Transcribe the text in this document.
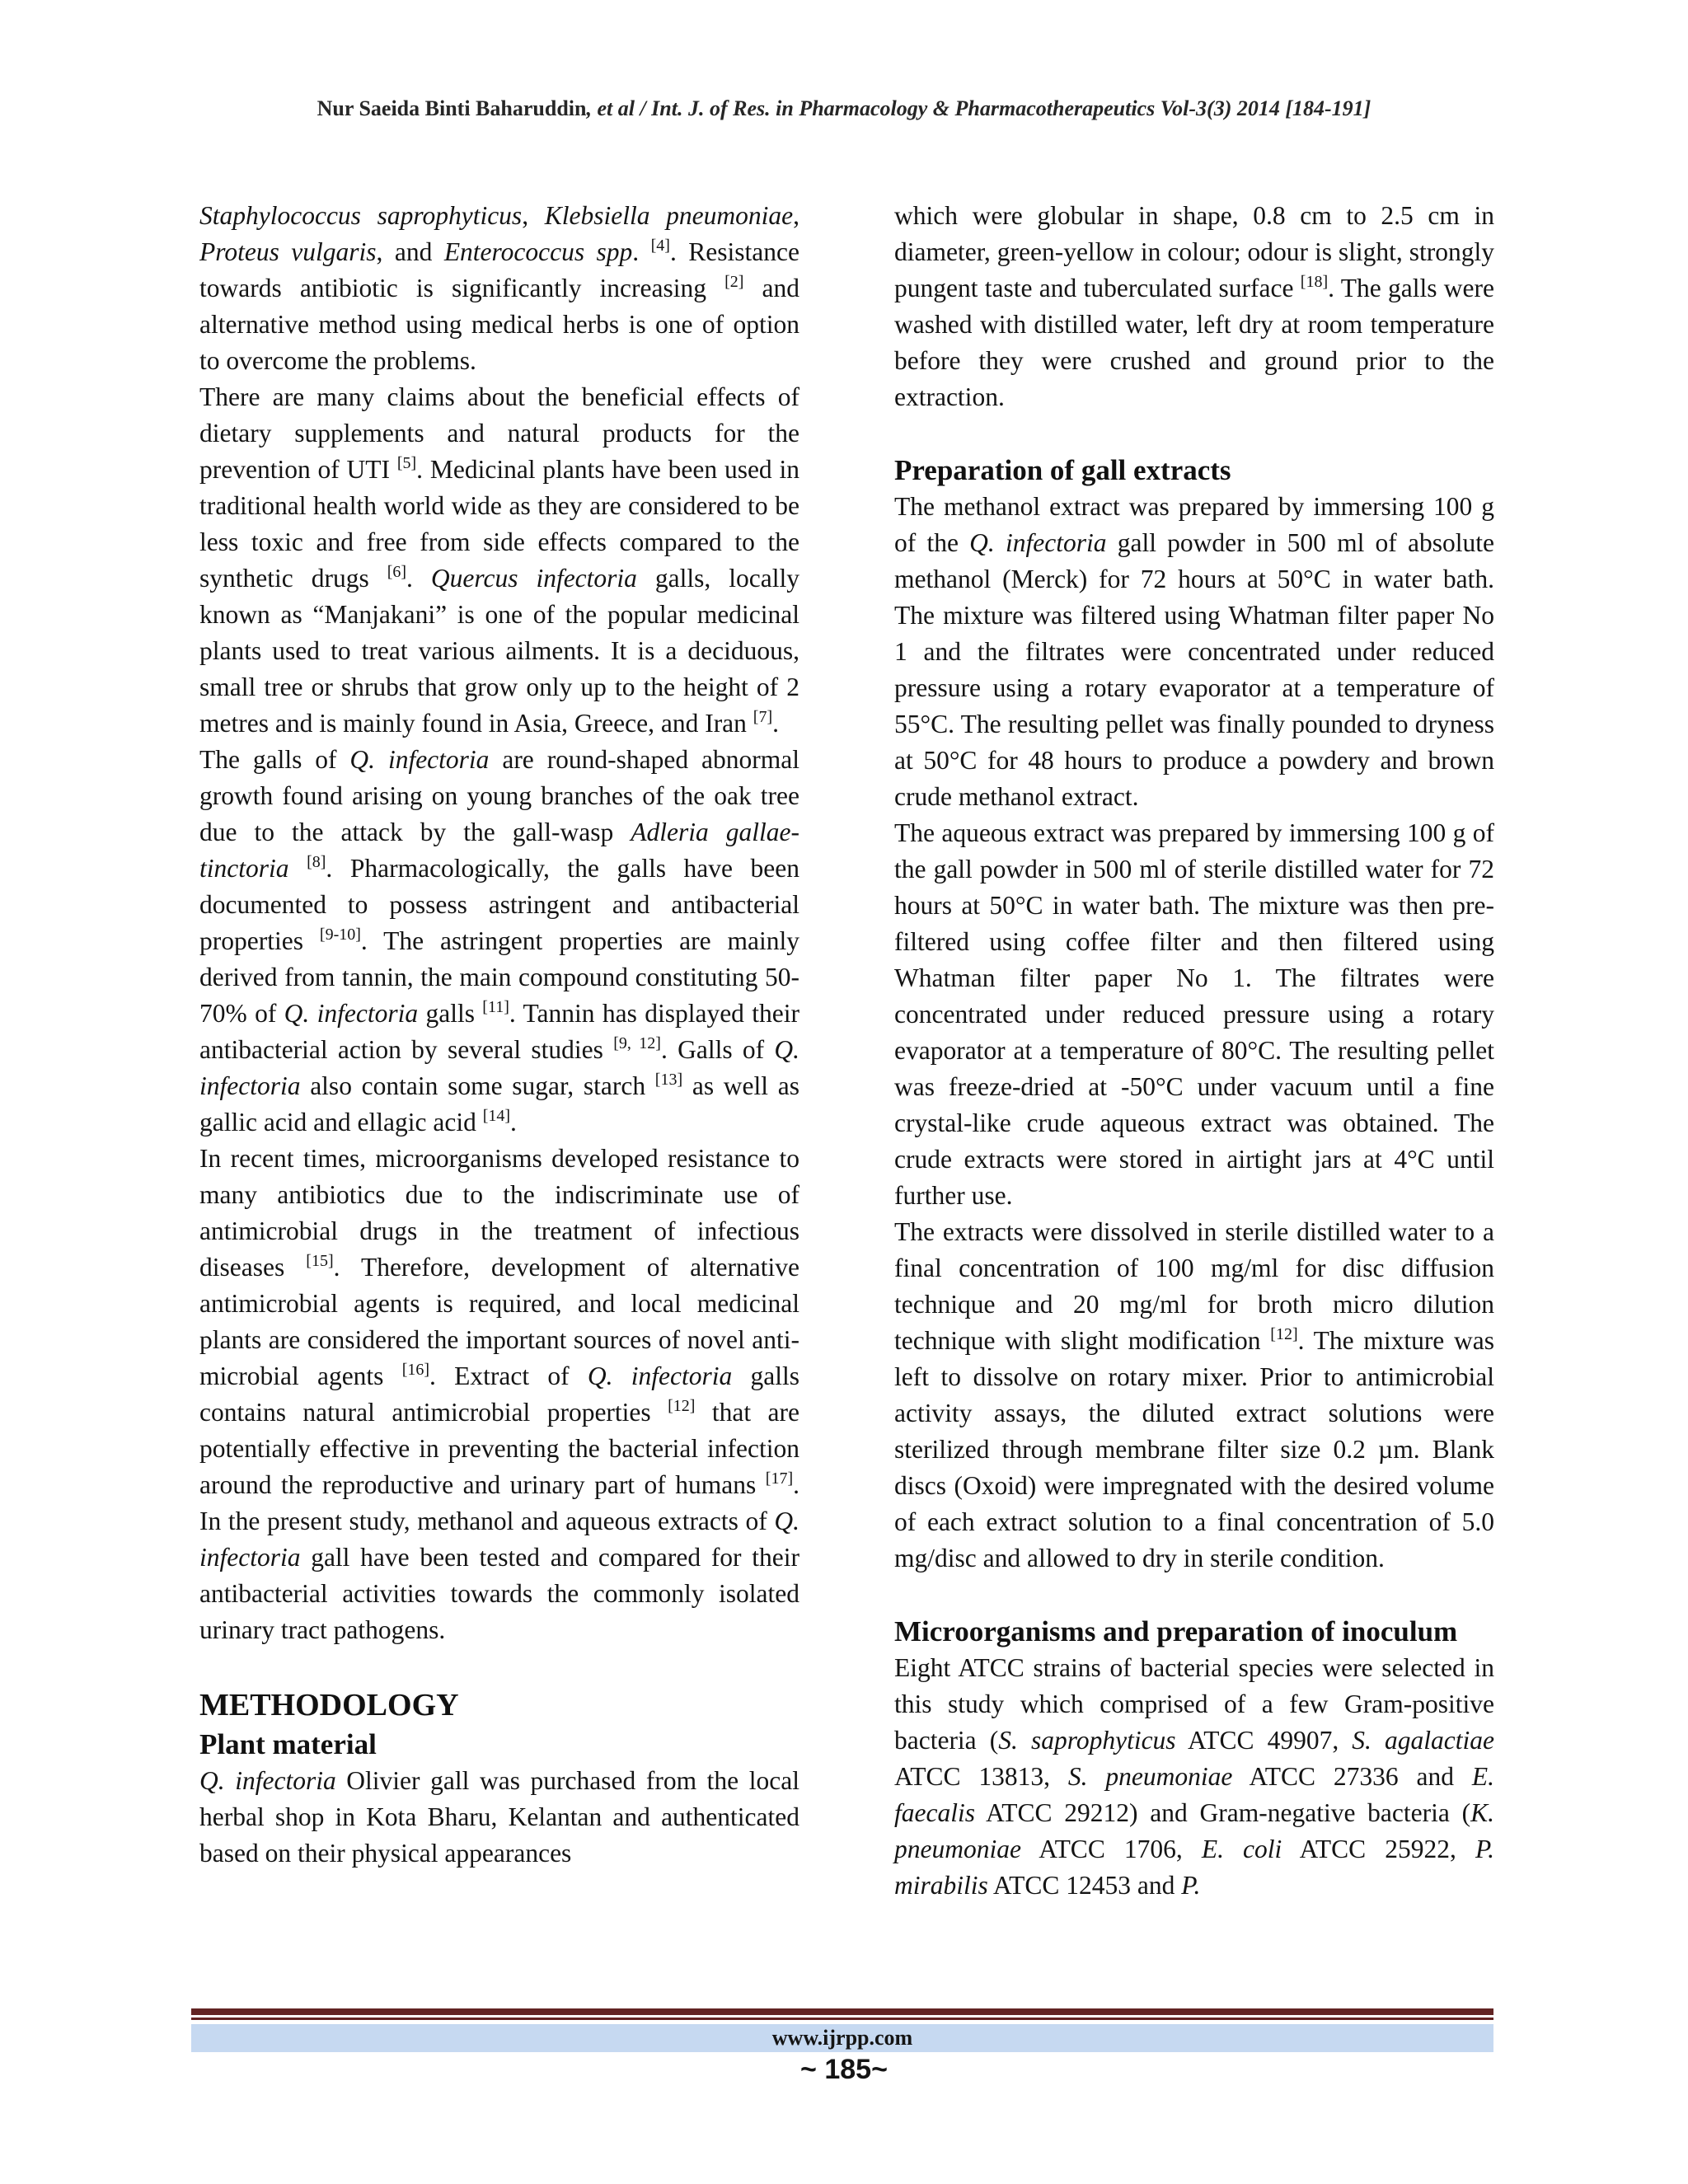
Nur Saeida Binti Baharuddin, et al / Int. J. of Res. in Pharmacology & Pharmacotherapeutics Vol-3(3) 2014 [184-191]

Staphylococcus saprophyticus, Klebsiella pneumoniae, Proteus vulgaris, and Enterococcus spp. [4]. Resistance towards antibiotic is significantly increasing [2] and alternative method using medical herbs is one of option to overcome the problems.

There are many claims about the beneficial effects of dietary supplements and natural products for the prevention of UTI [5]. Medicinal plants have been used in traditional health world wide as they are considered to be less toxic and free from side effects compared to the synthetic drugs [6]. Quercus infectoria galls, locally known as “Manjakani” is one of the popular medicinal plants used to treat various ailments. It is a deciduous, small tree or shrubs that grow only up to the height of 2 metres and is mainly found in Asia, Greece, and Iran [7].

The galls of Q. infectoria are round-shaped abnormal growth found arising on young branches of the oak tree due to the attack by the gall-wasp Adleria gallae-tinctoria [8]. Pharmacologically, the galls have been documented to possess astringent and antibacterial properties [9-10]. The astringent properties are mainly derived from tannin, the main compound constituting 50-70% of Q. infectoria galls [11]. Tannin has displayed their antibacterial action by several studies [9, 12]. Galls of Q. infectoria also contain some sugar, starch [13] as well as gallic acid and ellagic acid [14].

In recent times, microorganisms developed resistance to many antibiotics due to the indiscriminate use of antimicrobial drugs in the treatment of infectious diseases [15]. Therefore, development of alternative antimicrobial agents is required, and local medicinal plants are considered the important sources of novel anti- microbial agents [16]. Extract of Q. infectoria galls contains natural antimicrobial properties [12] that are potentially effective in preventing the bacterial infection around the reproductive and urinary part of humans [17]. In the present study, methanol and aqueous extracts of Q. infectoria gall have been tested and compared for their antibacterial activities towards the commonly isolated urinary tract pathogens.

METHODOLOGY
Plant material

Q. infectoria Olivier gall was purchased from the local herbal shop in Kota Bharu, Kelantan and authenticated based on their physical appearances

which were globular in shape, 0.8 cm to 2.5 cm in diameter, green-yellow in colour; odour is slight, strongly pungent taste and tuberculated surface [18]. The galls were washed with distilled water, left dry at room temperature before they were crushed and ground prior to the extraction.

Preparation of gall extracts

The methanol extract was prepared by immersing 100 g of the Q. infectoria gall powder in 500 ml of absolute methanol (Merck) for 72 hours at 50°C in water bath. The mixture was filtered using Whatman filter paper No 1 and the filtrates were concentrated under reduced pressure using a rotary evaporator at a temperature of 55°C. The resulting pellet was finally pounded to dryness at 50°C for 48 hours to produce a powdery and brown crude methanol extract.

The aqueous extract was prepared by immersing 100 g of the gall powder in 500 ml of sterile distilled water for 72 hours at 50°C in water bath. The mixture was then pre-filtered using coffee filter and then filtered using Whatman filter paper No 1. The filtrates were concentrated under reduced pressure using a rotary evaporator at a temperature of 80°C. The resulting pellet was freeze-dried at -50°C under vacuum until a fine crystal-like crude aqueous extract was obtained. The crude extracts were stored in airtight jars at 4°C until further use.

The extracts were dissolved in sterile distilled water to a final concentration of 100 mg/ml for disc diffusion technique and 20 mg/ml for broth micro dilution technique with slight modification [12]. The mixture was left to dissolve on rotary mixer. Prior to antimicrobial activity assays, the diluted extract solutions were sterilized through membrane filter size 0.2 µm. Blank discs (Oxoid) were impregnated with the desired volume of each extract solution to a final concentration of 5.0 mg/disc and allowed to dry in sterile condition.

Microorganisms and preparation of inoculum

Eight ATCC strains of bacterial species were selected in this study which comprised of a few Gram-positive bacteria (S. saprophyticus ATCC 49907, S. agalactiae ATCC 13813, S. pneumoniae ATCC 27336 and E. faecalis ATCC 29212) and Gram-negative bacteria (K. pneumoniae ATCC 1706, E. coli ATCC 25922, P. mirabilis ATCC 12453 and P.

www.ijrpp.com
~ 185~
